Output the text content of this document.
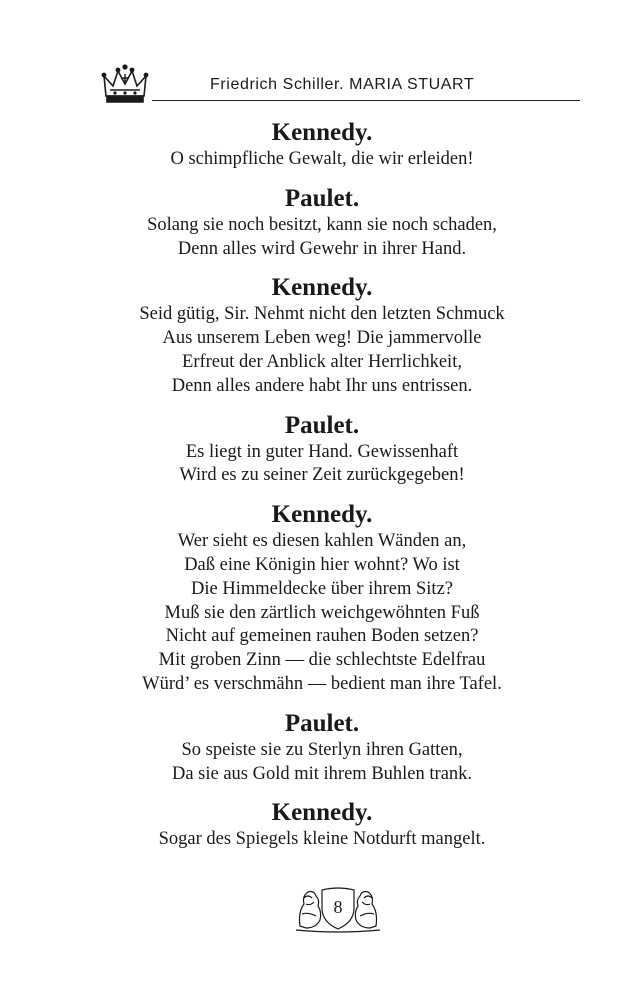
Friedrich Schiller. MARIA STUART

Kennedy.

O schimpfliche Gewalt, die wir erleiden!

Paulet.

Solang sie noch besitzt, kann sie noch schaden,

Denn alles wird Gewehr in ihrer Hand.

Kennedy.

Seid gütig, Sir. Nehmt nicht den letzten Schmuck

Aus unserem Leben weg! Die jammervolle

Erfreut der Anblick alter Herrlichkeit,

Denn alles andere habt Ihr uns entrissen.

Paulet.

Es liegt in guter Hand. Gewissenhaft

Wird es zu seiner Zeit zurückgegeben!

Kennedy.

Wer sieht es diesen kahlen Wänden an,

Daß eine Königin hier wohnt? Wo ist

Die Himmeldecke über ihrem Sitz?

Muß sie den zärtlich weichgewöhnten Fuß

Nicht auf gemeinen rauhen Boden setzen?

Mit groben Zinn — die schlechtste Edelfrau

Würd’ es verschmähn — bedient man ihre Tafel.

Paulet.

So speiste sie zu Sterlyn ihren Gatten,

Da sie aus Gold mit ihrem Buhlen trank.

Kennedy.

Sogar des Spiegels kleine Notdurft mangelt.

8
